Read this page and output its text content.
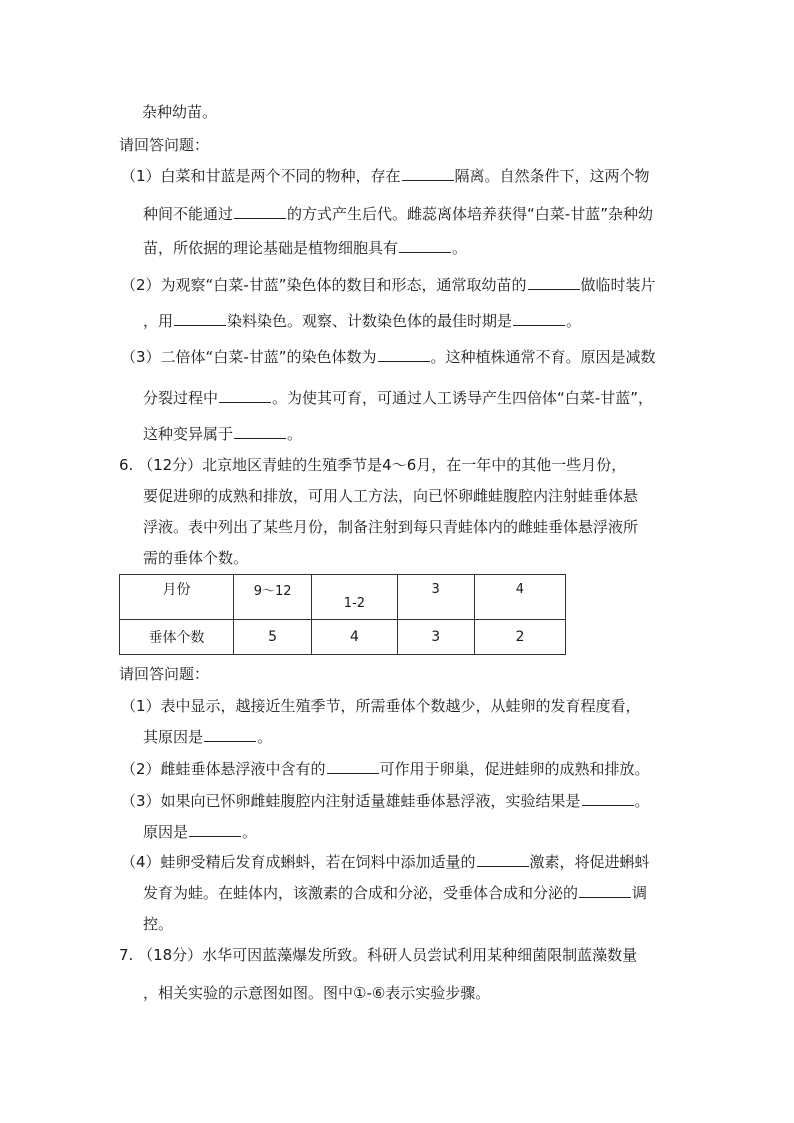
杂种幼苗。
请回答问题：
（1）白菜和甘蓝是两个不同的物种，存在	隔离。自然条件下，这两个物
种间不能通过	的方式产生后代。雌蕊离体培养获得“白菜-甘蓝”杂种幼
苗，所依据的理论基础是植物细胞具有	。
（2）为观察“白菜-甘蓝”染色体的数目和形态，通常取幼苗的	做临时装片
，用	染料染色。观察、计数染色体的最佳时期是	。
（3）二倍体“白菜-甘蓝”的染色体数为	。这种植株通常不育。原因是减数
分裂过程中	。为使其可育，可通过人工诱导产生四倍体“白菜-甘蓝”，
这种变异属于	。
6. （12分）北京地区青蛙的生殖季节是4～6月，在一年中的其他一些月份，
要促进卵的成熟和排放，可用人工方法，向已怀卵雌蛙腹腔内注射蛙垂体悬
浮液。表中列出了某些月份，制备注射到每只青蛙体内的雌蛙垂体悬浮液所
需的垂体个数。
月份	9～12	1-2	3	4
垂体个数	5	4	3	2
请回答问题：
（1）表中显示，越接近生殖季节，所需垂体个数越少，从蛙卵的发育程度看，
其原因是	。
（2）雌蛙垂体悬浮液中含有的	可作用于卵巢，促进蛙卵的成熟和排放。
（3）如果向已怀卵雌蛙腹腔内注射适量雄蛙垂体悬浮液，实验结果是	。
原因是	。
（4）蛙卵受精后发育成蝌蚪，若在饲料中添加适量的	激素，将促进蝌蚪
发育为蛙。在蛙体内，该激素的合成和分泌，受垂体合成和分泌的	调
控。
7. （18分）水华可因蓝藻爆发所致。科研人员尝试利用某种细菌限制蓝藻数量
，相关实验的示意图如图。图中①-⑥表示实验步骤。
